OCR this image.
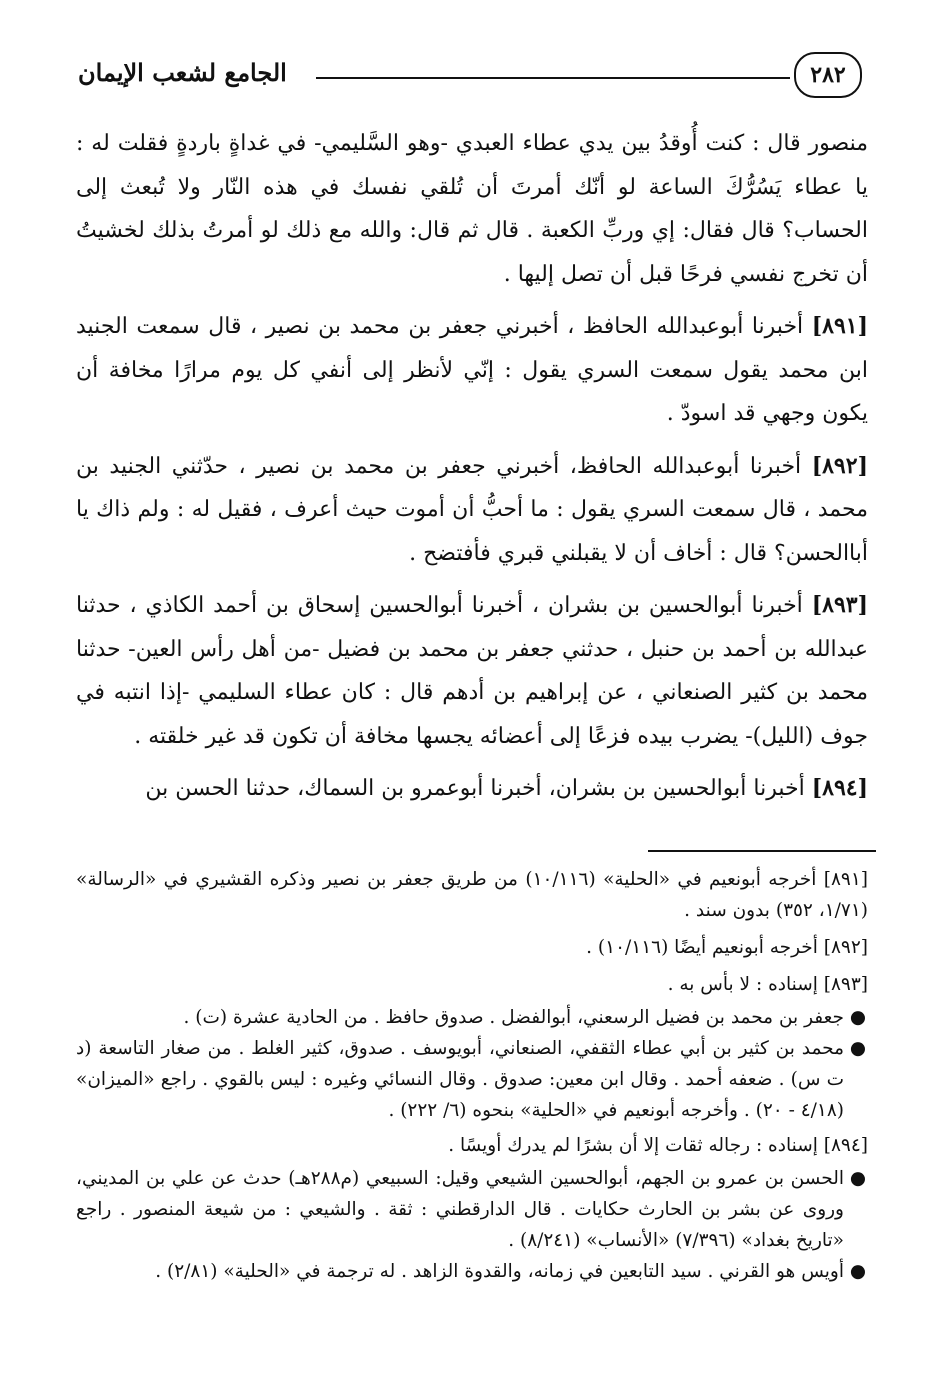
الجامع لشعب الإيمان	٢٨٢

منصور قال : كنت أُوقدُ بين يدي عطاء العبدي -وهو السَّليمي- في غداةٍ باردةٍ فقلت له : يا عطاء يَسُرُّكَ الساعة لو أنّك أمرتَ أن تُلقي نفسك في هذه النّار ولا تُبعث إلى الحساب؟ قال فقال: إي وربِّ الكعبة . قال ثم قال: والله مع ذلك لو أمرتُ بذلك لخشيتُ أن تخرج نفسي فرحًا قبل أن تصل إليها .

[٨٩١] أخبرنا أبوعبدالله الحافظ ، أخبرني جعفر بن محمد بن نصير ، قال سمعت الجنيد ابن محمد يقول سمعت السري يقول : إنّي لأنظر إلى أنفي كل يوم مرارًا مخافة أن يكون وجهي قد اسودّ .

[٨٩٢] أخبرنا أبوعبدالله الحافظ، أخبرني جعفر بن محمد بن نصير ، حدّثني الجنيد بن محمد ، قال سمعت السري يقول : ما أحبُّ أن أموت حيث أعرف ، فقيل له : ولم ذاك يا أباالحسن؟ قال : أخاف أن لا يقبلني قبري فأفتضح .

[٨٩٣] أخبرنا أبوالحسين بن بشران ، أخبرنا أبوالحسين إسحاق بن أحمد الكاذي ، حدثنا عبدالله بن أحمد بن حنبل ، حدثني جعفر بن محمد بن فضيل -من أهل رأس العين- حدثنا محمد بن كثير الصنعاني ، عن إبراهيم بن أدهم قال : كان عطاء السليمي -إذا انتبه في جوف (الليل)- يضرب بيده فزعًا إلى أعضائه يجسها مخافة أن تكون قد غير خلقته .

[٨٩٤] أخبرنا أبوالحسين بن بشران، أخبرنا أبوعمرو بن السماك، حدثنا الحسن بن

[٨٩١] أخرجه أبونعيم في «الحلية» (١٠/١١٦) من طريق جعفر بن نصير وذكره القشيري في «الرسالة» (١/٧١، ٣٥٢) بدون سند .

[٨٩٢] أخرجه أبونعيم أيضًا (١٠/١١٦) .

[٨٩٣] إسناده : لا بأس به .

●
جعفر بن محمد بن فضيل الرسعني، أبوالفضل . صدوق حافظ . من الحادية عشرة (ت) .
●
محمد بن كثير بن أبي عطاء الثقفي، الصنعاني، أبويوسف . صدوق، كثير الغلط . من صغار التاسعة (د ت س) . ضعفه أحمد . وقال ابن معين: صدوق . وقال النسائي وغيره : ليس بالقوي . راجع «الميزان» (٤/١٨ - ٢٠) . وأخرجه أبونعيم في «الحلية» بنحوه (٦/ ٢٢٢) .

[٨٩٤] إسناده : رجاله ثقات إلا أن بشرًا لم يدرك أويسًا .

●
الحسن بن عمرو بن الجهم، أبوالحسين الشيعي وقيل: السبيعي (م٢٨٨هـ) حدث عن علي بن المديني، وروى عن بشر بن الحارث حكايات . قال الدارقطني : ثقة . والشيعي : من شيعة المنصور . راجع «تاريخ بغداد» (٧/٣٩٦) «الأنساب» (٨/٢٤١) .
●
أويس هو القرني . سيد التابعين في زمانه، والقدوة الزاهد . له ترجمة في «الحلية» (٢/٨١) .
